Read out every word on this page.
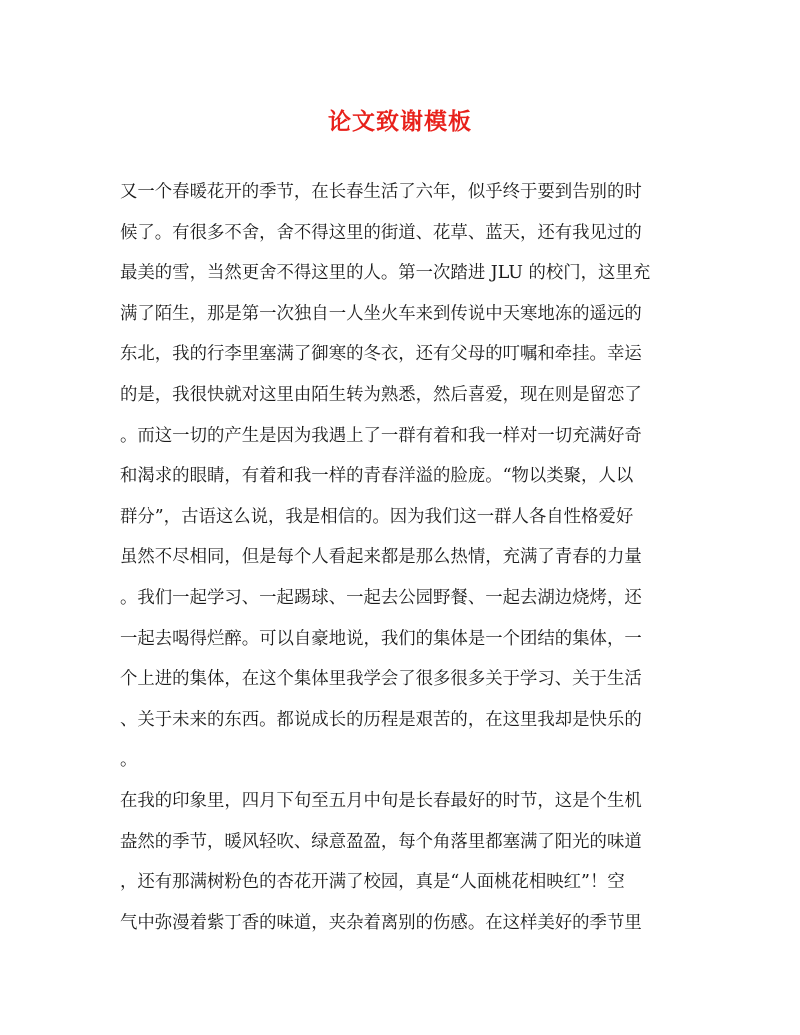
论文致谢模板
又一个春暖花开的季节，在长春生活了六年，似乎终于要到告别的时
候了。有很多不舍，舍不得这里的街道、花草、蓝天，还有我见过的
最美的雪，当然更舍不得这里的人。第一次踏进 JLU 的校门，这里充
满了陌生，那是第一次独自一人坐火车来到传说中天寒地冻的遥远的
东北，我的行李里塞满了御寒的冬衣，还有父母的叮嘱和牵挂。幸运
的是，我很快就对这里由陌生转为熟悉，然后喜爱，现在则是留恋了
。而这一切的产生是因为我遇上了一群有着和我一样对一切充满好奇
和渴求的眼睛，有着和我一样的青春洋溢的脸庞。“物以类聚，人以
群分”，古语这么说，我是相信的。因为我们这一群人各自性格爱好
虽然不尽相同，但是每个人看起来都是那么热情，充满了青春的力量
。我们一起学习、一起踢球、一起去公园野餐、一起去湖边烧烤，还
一起去喝得烂醉。可以自豪地说，我们的集体是一个团结的集体，一
个上进的集体，在这个集体里我学会了很多很多关于学习、关于生活
、关于未来的东西。都说成长的历程是艰苦的，在这里我却是快乐的
。
在我的印象里，四月下旬至五月中旬是长春最好的时节，这是个生机
盎然的季节，暖风轻吹、绿意盈盈，每个角落里都塞满了阳光的味道
，还有那满树粉色的杏花开满了校园，真是“人面桃花相映红”！空
气中弥漫着紫丁香的味道，夹杂着离别的伤感。在这样美好的季节里
